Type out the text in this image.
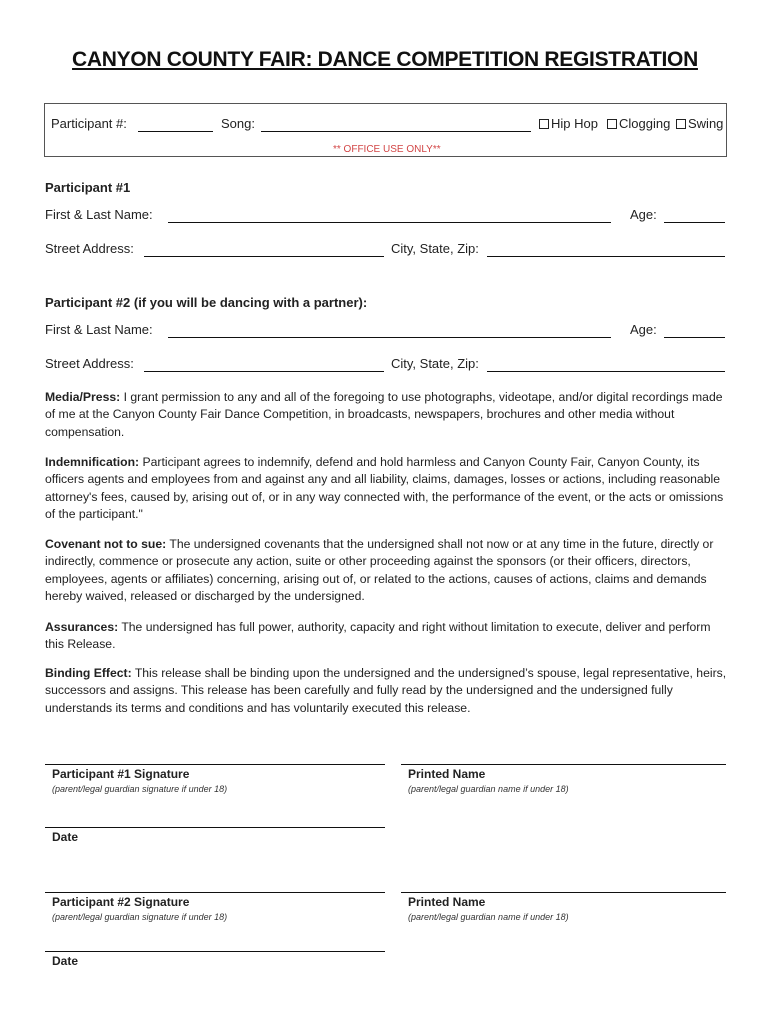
CANYON COUNTY FAIR: DANCE COMPETITION REGISTRATION
Participant #:	Song:	Hip Hop	Clogging	Swing
** OFFICE USE ONLY**
Participant #1
First & Last Name:	Age:
Street Address:	City, State, Zip:
Participant #2 (if you will be dancing with a partner):
First & Last Name:	Age:
Street Address:	City, State, Zip:
Media/Press: I grant permission to any and all of the foregoing to use photographs, videotape, and/or digital recordings made of me at the Canyon County Fair Dance Competition, in broadcasts, newspapers, brochures and other media without compensation.
Indemnification: Participant agrees to indemnify, defend and hold harmless and Canyon County Fair, Canyon County, its officers agents and employees from and against any and all liability, claims, damages, losses or actions, including reasonable attorney's fees, caused by, arising out of, or in any way connected with, the performance of the event, or the acts or omissions of the participant."
Covenant not to sue: The undersigned covenants that the undersigned shall not now or at any time in the future, directly or indirectly, commence or prosecute any action, suite or other proceeding against the sponsors (or their officers, directors, employees, agents or affiliates) concerning, arising out of, or related to the actions, causes of actions, claims and demands hereby waived, released or discharged by the undersigned.
Assurances: The undersigned has full power, authority, capacity and right without limitation to execute, deliver and perform this Release.
Binding Effect: This release shall be binding upon the undersigned and the undersigned’s spouse, legal representative, heirs, successors and assigns. This release has been carefully and fully read by the undersigned and the undersigned fully understands its terms and conditions and has voluntarily executed this release.
Participant #1 Signature
(parent/legal guardian signature if under 18)
Printed Name
(parent/legal guardian name if under 18)
Date
Participant #2 Signature
(parent/legal guardian signature if under 18)
Printed Name
(parent/legal guardian name if under 18)
Date
